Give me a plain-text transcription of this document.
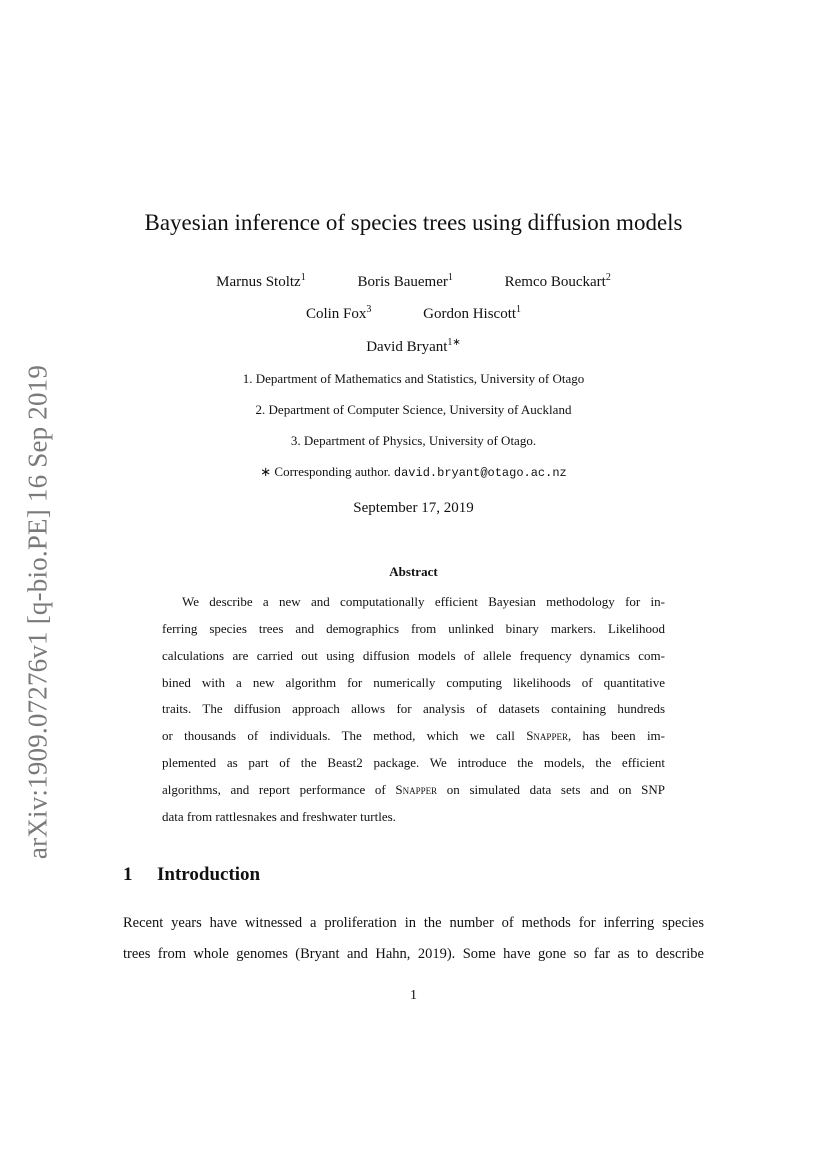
arXiv:1909.07276v1 [q-bio.PE] 16 Sep 2019
Bayesian inference of species trees using diffusion models
Marnus Stoltz$^1$	Boris Bauemer$^1$	Remco Bouckart$^2$
Colin Fox$^3$	Gordon Hiscott$^1$
David Bryant$^{1∗}$
1. Department of Mathematics and Statistics, University of Otago
2. Department of Computer Science, University of Auckland
3. Department of Physics, University of Otago.
∗ Corresponding author. david.bryant@otago.ac.nz
September 17, 2019
Abstract
We describe a new and computationally efficient Bayesian methodology for in-
ferring species trees and demographics from unlinked binary markers. Likelihood
calculations are carried out using diffusion models of allele frequency dynamics com-
bined with a new algorithm for numerically computing likelihoods of quantitative
traits. The diffusion approach allows for analysis of datasets containing hundreds
or thousands of individuals. The method, which we call Snapper, has been im-
plemented as part of the Beast2 package. We introduce the models, the efficient
algorithms, and report performance of Snapper on simulated data sets and on SNP
data from rattlesnakes and freshwater turtles.
1 Introduction
Recent years have witnessed a proliferation in the number of methods for inferring species
trees from whole genomes (Bryant and Hahn, 2019). Some have gone so far as to describe
1
